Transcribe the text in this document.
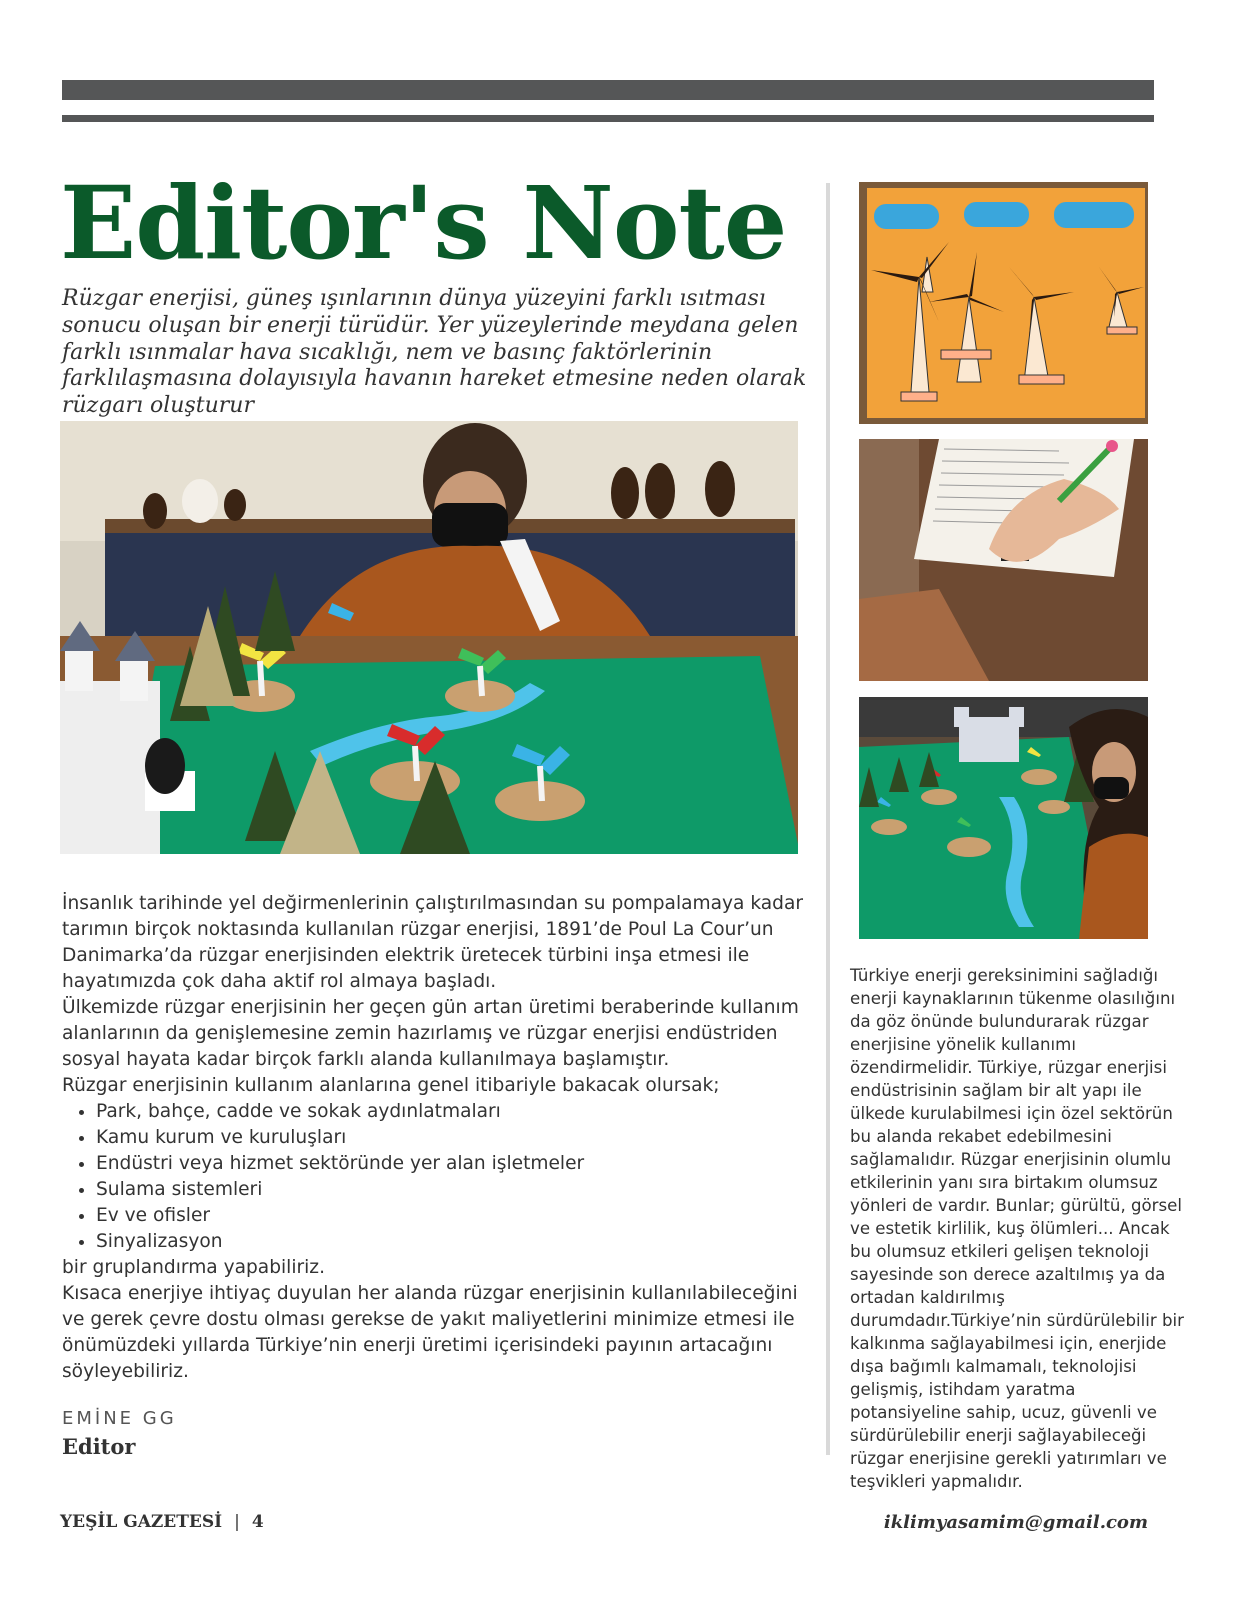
Editor's Note

Rüzgar enerjisi, güneş ışınlarının dünya yüzeyini farklı ısıtması sonucu oluşan bir enerji türüdür. Yer yüzeylerinde meydana gelen farklı ısınmalar hava sıcaklığı, nem ve basınç faktörlerinin farklılaşmasına dolayısıyla havanın hareket etmesine neden olarak rüzgarı oluşturur

İnsanlık tarihinde yel değirmenlerinin çalıştırılmasından su pompalamaya kadar tarımın birçok noktasında kullanılan rüzgar enerjisi, 1891’de Poul La Cour’un Danimarka’da rüzgar enerjisinden elektrik üretecek türbini inşa etmesi ile hayatımızda çok daha aktif rol almaya başladı.

Ülkemizde rüzgar enerjisinin her geçen gün artan üretimi beraberinde kullanım alanlarının da genişlemesine zemin hazırlamış ve rüzgar enerjisi endüstriden sosyal hayata kadar birçok farklı alanda kullanılmaya başlamıştır.

Rüzgar enerjisinin kullanım alanlarına genel itibariyle bakacak olursak;

• Park, bahçe, cadde ve sokak aydınlatmaları
• Kamu kurum ve kuruluşları
• Endüstri veya hizmet sektöründe yer alan işletmeler
• Sulama sistemleri
• Ev ve ofisler
• Sinyalizasyon

bir gruplandırma yapabiliriz.

Kısaca enerjiye ihtiyaç duyulan her alanda rüzgar enerjisinin kullanılabileceğini ve gerek çevre dostu olması gerekse de yakıt maliyetlerini minimize etmesi ile önümüzdeki yıllarda Türkiye’nin enerji üretimi içerisindeki payının artacağını söyleyebiliriz.

EMİNE GG

Editor

Türkiye enerji gereksinimini sağladığı enerji kaynaklarının tükenme olasılığını da göz önünde bulundurarak rüzgar enerjisine yönelik kullanımı özendirmelidir. Türkiye, rüzgar enerjisi endüstrisinin sağlam bir alt yapı ile ülkede kurulabilmesi için özel sektörün bu alanda rekabet edebilmesini sağlamalıdır. Rüzgar enerjisinin olumlu etkilerinin yanı sıra birtakım olumsuz yönleri de vardır. Bunlar; gürültü, görsel ve estetik kirlilik, kuş ölümleri... Ancak bu olumsuz etkileri gelişen teknoloji sayesinde son derece azaltılmış ya da ortadan kaldırılmış durumdadır.Türkiye’nin sürdürülebilir bir kalkınma sağlayabilmesi için, enerjide dışa bağımlı kalmamalı, teknolojisi gelişmiş, istihdam yaratma potansiyeline sahip, ucuz, güvenli ve sürdürülebilir enerji sağlayabileceği rüzgar enerjisine gerekli yatırımları ve teşvikleri yapmalıdır.

YEŞİL GAZETESİ | 4	iklimyasamim@gmail.com
